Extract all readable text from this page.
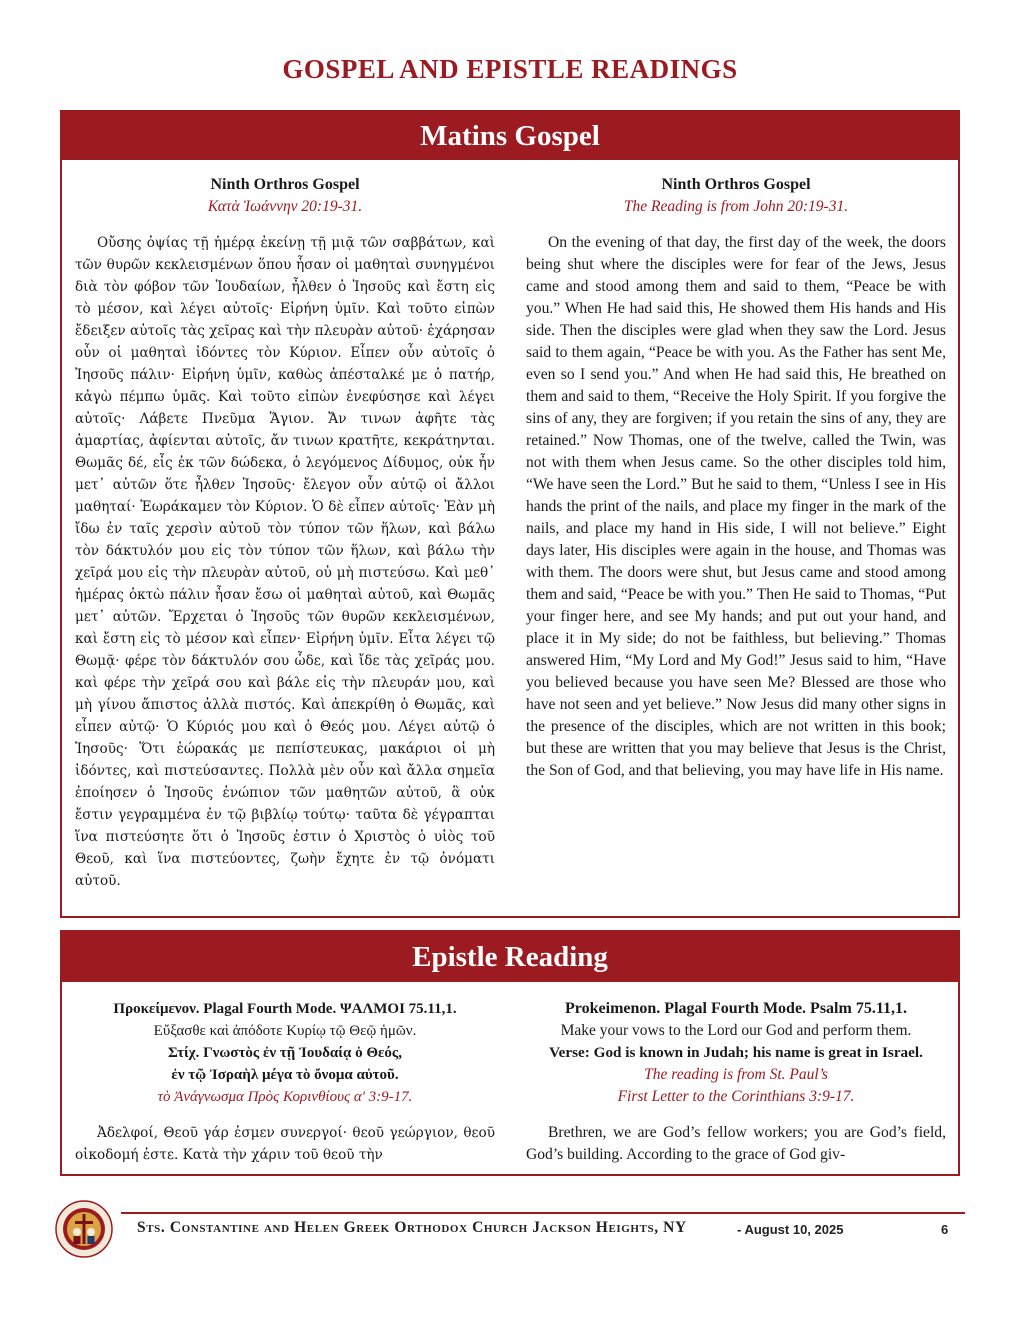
GOSPEL AND EPISTLE READINGS
Matins Gospel
Ninth Orthros Gospel
Κατὰ Ἰωάννην 20:19-31.
Οὔσης ὀψίας τῇ ἡμέρᾳ ἐκείνῃ τῇ μιᾷ τῶν σαββάτων, καὶ τῶν θυρῶν κεκλεισμένων ὅπου ἦσαν οἱ μαθηταὶ συνηγμένοι διὰ τὸν φόβον τῶν Ἰουδαίων, ἦλθεν ὁ Ἰησοῦς καὶ ἔστη εἰς τὸ μέσον, καὶ λέγει αὐτοῖς· Εἰρήνη ὑμῖν. Καὶ τοῦτο εἰπὼν ἔδειξεν αὐτοῖς τὰς χεῖρας καὶ τὴν πλευρὰν αὐτοῦ· ἐχάρησαν οὖν οἱ μαθηταὶ ἰδόντες τὸν Κύριον. Εἶπεν οὖν αὐτοῖς ὁ Ἰησοῦς πάλιν· Εἰρήνη ὑμῖν, καθὼς ἀπέσταλκέ με ὁ πατήρ, κἀγὼ πέμπω ὑμᾶς. Καὶ τοῦτο εἰπὼν ἐνεφύσησε καὶ λέγει αὐτοῖς· Λάβετε Πνεῦμα Ἅγιον. Ἄν τινων ἀφῆτε τὰς ἁμαρτίας, ἀφίενται αὐτοῖς, ἄν τινων κρατῆτε, κεκράτηνται. Θωμᾶς δέ, εἷς ἐκ τῶν δώδεκα, ὁ λεγόμενος Δίδυμος, οὐκ ἦν μετ᾽ αὐτῶν ὅτε ἦλθεν Ἰησοῦς· ἔλεγον οὖν αὐτῷ οἱ ἄλλοι μαθηταί· Ἑωράκαμεν τὸν Κύριον. Ὁ δὲ εἶπεν αὐτοῖς· Ἐὰν μὴ ἴδω ἐν ταῖς χερσὶν αὐτοῦ τὸν τύπον τῶν ἥλων, καὶ βάλω τὸν δάκτυλόν μου εἰς τὸν τύπον τῶν ἥλων, καὶ βάλω τὴν χεῖρά μου εἰς τὴν πλευρὰν αὐτοῦ, οὐ μὴ πιστεύσω. Καὶ μεθ᾽ ἡμέρας ὀκτὼ πάλιν ἦσαν ἔσω οἱ μαθηταὶ αὐτοῦ, καὶ Θωμᾶς μετ᾽ αὐτῶν. Ἔρχεται ὁ Ἰησοῦς τῶν θυρῶν κεκλεισμένων, καὶ ἔστη εἰς τὸ μέσον καὶ εἶπεν· Εἰρήνη ὑμῖν. Εἶτα λέγει τῷ Θωμᾷ· φέρε τὸν δάκτυλόν σου ὧδε, καὶ ἴδε τὰς χεῖράς μου. καὶ φέρε τὴν χεῖρά σου καὶ βάλε εἰς τὴν πλευράν μου, καὶ μὴ γίνου ἄπιστος ἀλλὰ πιστός. Καὶ ἀπεκρίθη ὁ Θωμᾶς, καὶ εἶπεν αὐτῷ· Ὁ Κύριός μου καὶ ὁ Θεός μου. Λέγει αὐτῷ ὁ Ἰησοῦς· Ὅτι ἑώρακάς με πεπίστευκας, μακάριοι οἱ μὴ ἰδόντες, καὶ πιστεύσαντες. Πολλὰ μὲν οὖν καὶ ἄλλα σημεῖα ἐποίησεν ὁ Ἰησοῦς ἐνώπιον τῶν μαθητῶν αὐτοῦ, ἃ οὐκ ἔστιν γεγραμμένα ἐν τῷ βιβλίῳ τούτῳ· ταῦτα δὲ γέγραπται ἵνα πιστεύσητε ὅτι ὁ Ἰησοῦς ἐστιν ὁ Χριστὸς ὁ υἱὸς τοῦ Θεοῦ, καὶ ἵνα πιστεύοντες, ζωὴν ἔχητε ἐν τῷ ὀνόματι αὐτοῦ.
Ninth Orthros Gospel
The Reading is from John 20:19-31.
On the evening of that day, the first day of the week, the doors being shut where the disciples were for fear of the Jews, Jesus came and stood among them and said to them, “Peace be with you.” When He had said this, He showed them His hands and His side. Then the disciples were glad when they saw the Lord. Jesus said to them again, “Peace be with you. As the Father has sent Me, even so I send you.” And when He had said this, He breathed on them and said to them, “Receive the Holy Spirit. If you forgive the sins of any, they are forgiven; if you retain the sins of any, they are retained.” Now Thomas, one of the twelve, called the Twin, was not with them when Jesus came. So the other disciples told him, “We have seen the Lord.” But he said to them, “Unless I see in His hands the print of the nails, and place my finger in the mark of the nails, and place my hand in His side, I will not believe.” Eight days later, His disciples were again in the house, and Thomas was with them. The doors were shut, but Jesus came and stood among them and said, “Peace be with you.” Then He said to Thomas, “Put your finger here, and see My hands; and put out your hand, and place it in My side; do not be faithless, but believing.” Thomas answered Him, “My Lord and My God!” Jesus said to him, “Have you believed because you have seen Me? Blessed are those who have not seen and yet believe.” Now Jesus did many other signs in the presence of the disciples, which are not written in this book; but these are written that you may believe that Jesus is the Christ, the Son of God, and that believing, you may have life in His name.
Epistle Reading
Προκείμενον. Plagal Fourth Mode. ΨΑΛΜΟΙ 75.11,1.
Εὔξασθε καὶ ἀπόδοτε Κυρίῳ τῷ Θεῷ ἡμῶν.
Στίχ. Γνωστὸς ἐν τῇ Ἰουδαίᾳ ὁ Θεός,
ἐν τῷ Ἰσραὴλ μέγα τὸ ὄνομα αὐτοῦ.
τὸ Ἀνάγνωσμα Πρὸς Κορινθίους α' 3:9-17.
Ἀδελφοί, Θεοῦ γάρ ἐσμεν συνεργοί· θεοῦ γεώργιον, θεοῦ οἰκοδομή ἐστε. Κατὰ τὴν χάριν τοῦ θεοῦ τὴν
Prokeimenon. Plagal Fourth Mode. Psalm 75.11,1.
Make your vows to the Lord our God and perform them.
Verse: God is known in Judah; his name is great in Israel.
The reading is from St. Paul’s
First Letter to the Corinthians 3:9-17.
Brethren, we are God’s fellow workers; you are God’s field, God’s building. According to the grace of God giv-
Sts. Constantine and Helen Greek Orthodox Church Jackson Heights, NY	- August 10, 2025	6
